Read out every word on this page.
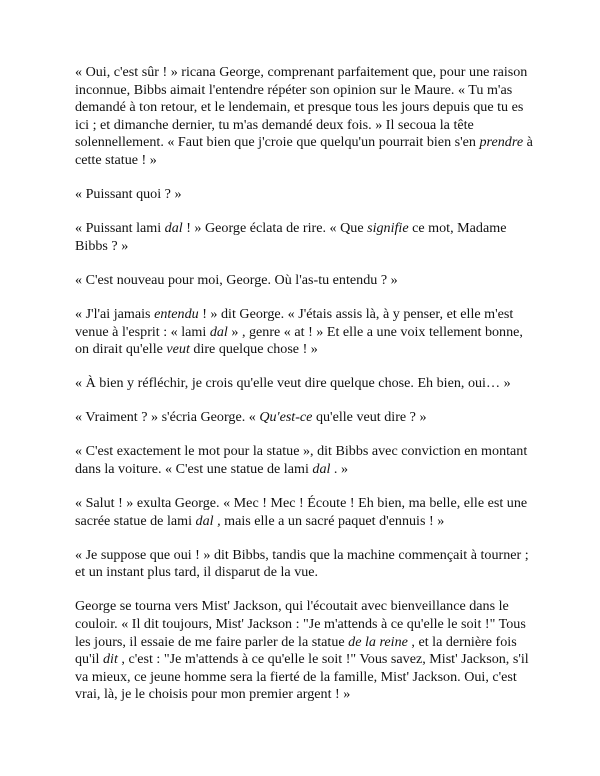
« Oui, c'est sûr ! » ricana George, comprenant parfaitement que, pour une raison inconnue, Bibbs aimait l'entendre répéter son opinion sur le Maure. « Tu m'as demandé à ton retour, et le lendemain, et presque tous les jours depuis que tu es ici ; et dimanche dernier, tu m'as demandé deux fois. » Il secoua la tête solennellement. « Faut bien que j'croie que quelqu'un pourrait bien s'en prendre à cette statue ! »

« Puissant quoi ? »

« Puissant lami dal ! » George éclata de rire. « Que signifie ce mot, Madame Bibbs ? »

« C'est nouveau pour moi, George. Où l'as-tu entendu ? »

« J'l'ai jamais entendu ! » dit George. « J'étais assis là, à y penser, et elle m'est venue à l'esprit : « lami dal » , genre « at ! » Et elle a une voix tellement bonne, on dirait qu'elle veut dire quelque chose ! »

« À bien y réfléchir, je crois qu'elle veut dire quelque chose. Eh bien, oui… »

« Vraiment ? » s'écria George. « Qu'est-ce qu'elle veut dire ? »

« C'est exactement le mot pour la statue », dit Bibbs avec conviction en montant dans la voiture. « C'est une statue de lami dal . »

« Salut ! » exulta George. « Mec ! Mec ! Écoute ! Eh bien, ma belle, elle est une sacrée statue de lami dal , mais elle a un sacré paquet d'ennuis ! »

« Je suppose que oui ! » dit Bibbs, tandis que la machine commençait à tourner ; et un instant plus tard, il disparut de la vue.

George se tourna vers Mist' Jackson, qui l'écoutait avec bienveillance dans le couloir. « Il dit toujours, Mist' Jackson : "Je m'attends à ce qu'elle le soit !" Tous les jours, il essaie de me faire parler de la statue de la reine , et la dernière fois qu'il dit , c'est : "Je m'attends à ce qu'elle le soit !" Vous savez, Mist' Jackson, s'il va mieux, ce jeune homme sera la fierté de la famille, Mist' Jackson. Oui, c'est vrai, là, je le choisis pour mon premier argent ! »
